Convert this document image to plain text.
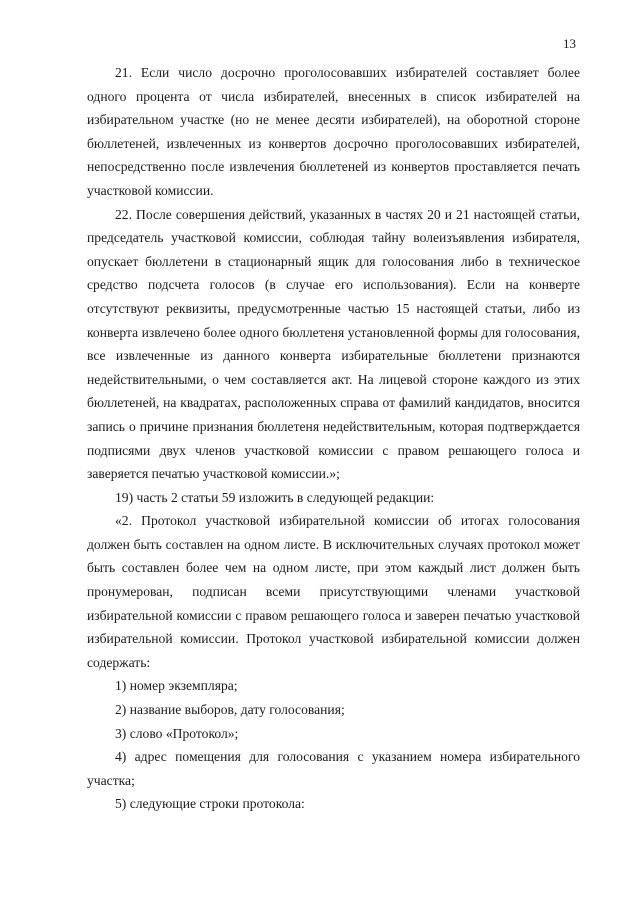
13

21. Если число досрочно проголосовавших избирателей составляет более одного процента от числа избирателей, внесенных в список избирателей на избирательном участке (но не менее десяти избирателей), на оборотной стороне бюллетеней, извлеченных из конвертов досрочно проголосовавших избирателей, непосредственно после извлечения бюллетеней из конвертов проставляется печать участковой комиссии.

22. После совершения действий, указанных в частях 20 и 21 настоящей статьи, председатель участковой комиссии, соблюдая тайну волеизъявления избирателя, опускает бюллетени в стационарный ящик для голосования либо в техническое средство подсчета голосов (в случае его использования). Если на конверте отсутствуют реквизиты, предусмотренные частью 15 настоящей статьи, либо из конверта извлечено более одного бюллетеня установленной формы для голосования, все извлеченные из данного конверта избирательные бюллетени признаются недействительными, о чем составляется акт. На лицевой стороне каждого из этих бюллетеней, на квадратах, расположенных справа от фамилий кандидатов, вносится запись о причине признания бюллетеня недействительным, которая подтверждается подписями двух членов участковой комиссии с правом решающего голоса и заверяется печатью участковой комиссии.»;

19) часть 2 статьи 59 изложить в следующей редакции:

«2. Протокол участковой избирательной комиссии об итогах голосования должен быть составлен на одном листе. В исключительных случаях протокол может быть составлен более чем на одном листе, при этом каждый лист должен быть пронумерован, подписан всеми присутствующими членами участковой избирательной комиссии с правом решающего голоса и заверен печатью участковой избирательной комиссии. Протокол участковой избирательной комиссии должен содержать:

1) номер экземпляра;

2) название выборов, дату голосования;

3) слово «Протокол»;

4) адрес помещения для голосования с указанием номера избирательного участка;

5) следующие строки протокола:
